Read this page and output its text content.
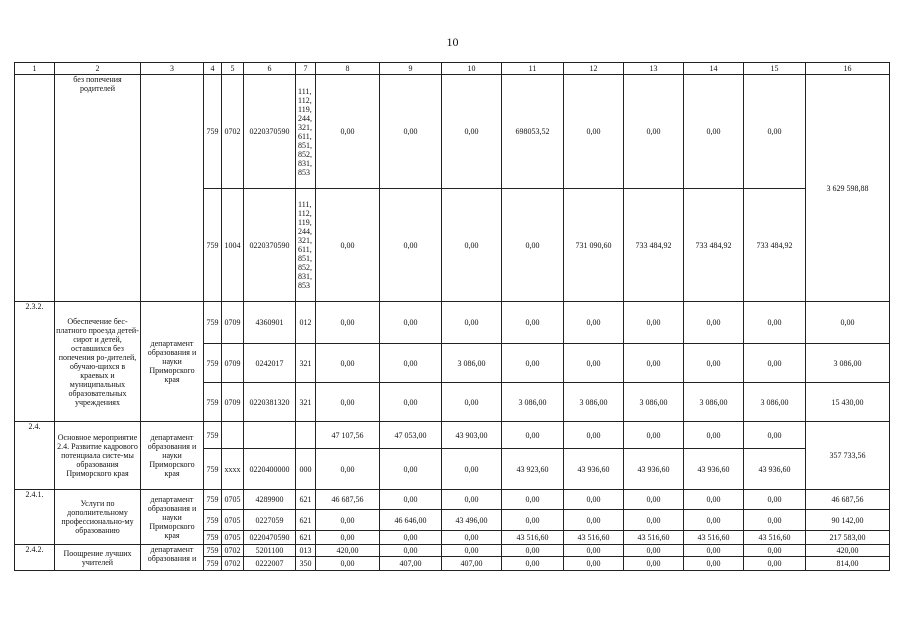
10
1	2	3	4	5	6	7	8	9	10	11	12	13	14	15	16
	без попечения родителей		759	0702	0220370590	111, 112, 119, 244, 321, 611, 851, 852, 831, 853	0,00	0,00	0,00	698053,52	0,00	0,00	0,00	0,00	3 629 598,88
			759	1004	0220370590	111, 112, 119, 244, 321, 611, 851, 852, 831, 853	0,00	0,00	0,00	0,00	731 090,60	733 484,92	733 484,92	733 484,92	
2.3.2.	Обеспечение бес-платного проезда детей-сирот и детей, оставшихся без попечения ро-дителей, обучаю-щихся в краевых и муниципальных образовательных учреждениях	департамент образования и науки Приморского края	759	0709	4360901	012	0,00	0,00	0,00	0,00	0,00	0,00	0,00	0,00	0,00
			759	0709	0242017	321	0,00	0,00	3 086,00	0,00	0,00	0,00	0,00	0,00	3 086,00
			759	0709	0220381320	321	0,00	0,00	0,00	3 086,00	3 086,00	3 086,00	3 086,00	3 086,00	15 430,00
2.4.	Основное мероприятие 2.4. Развитие кадрового потенциала систе-мы образования Приморского края	департамент образования и науки Приморского края	759				47 107,56	47 053,00	43 903,00	0,00	0,00	0,00	0,00	0,00	357 733,56
			759	хххх	0220400000	000	0,00	0,00	0,00	43 923,60	43 936,60	43 936,60	43 936,60	43 936,60	
2.4.1.	Услуги по дополнительному профессионально-му образованию	департамент образования и науки Приморского края	759	0705	4289900	621	46 687,56	0,00	0,00	0,00	0,00	0,00	0,00	0,00	46 687,56
			759	0705	0227059	621	0,00	46 646,00	43 496,00	0,00	0,00	0,00	0,00	0,00	90 142,00
			759	0705	0220470590	621	0,00	0,00	0,00	43 516,60	43 516,60	43 516,60	43 516,60	43 516,60	217 583,00
2.4.2.	Поощрение лучших учителей	департамент образования и	759	0702	5201100	013	420,00	0,00	0,00	0,00	0,00	0,00	0,00	0,00	420,00
			759	0702	0222007	350	0,00	407,00	407,00	0,00	0,00	0,00	0,00	0,00	814,00
